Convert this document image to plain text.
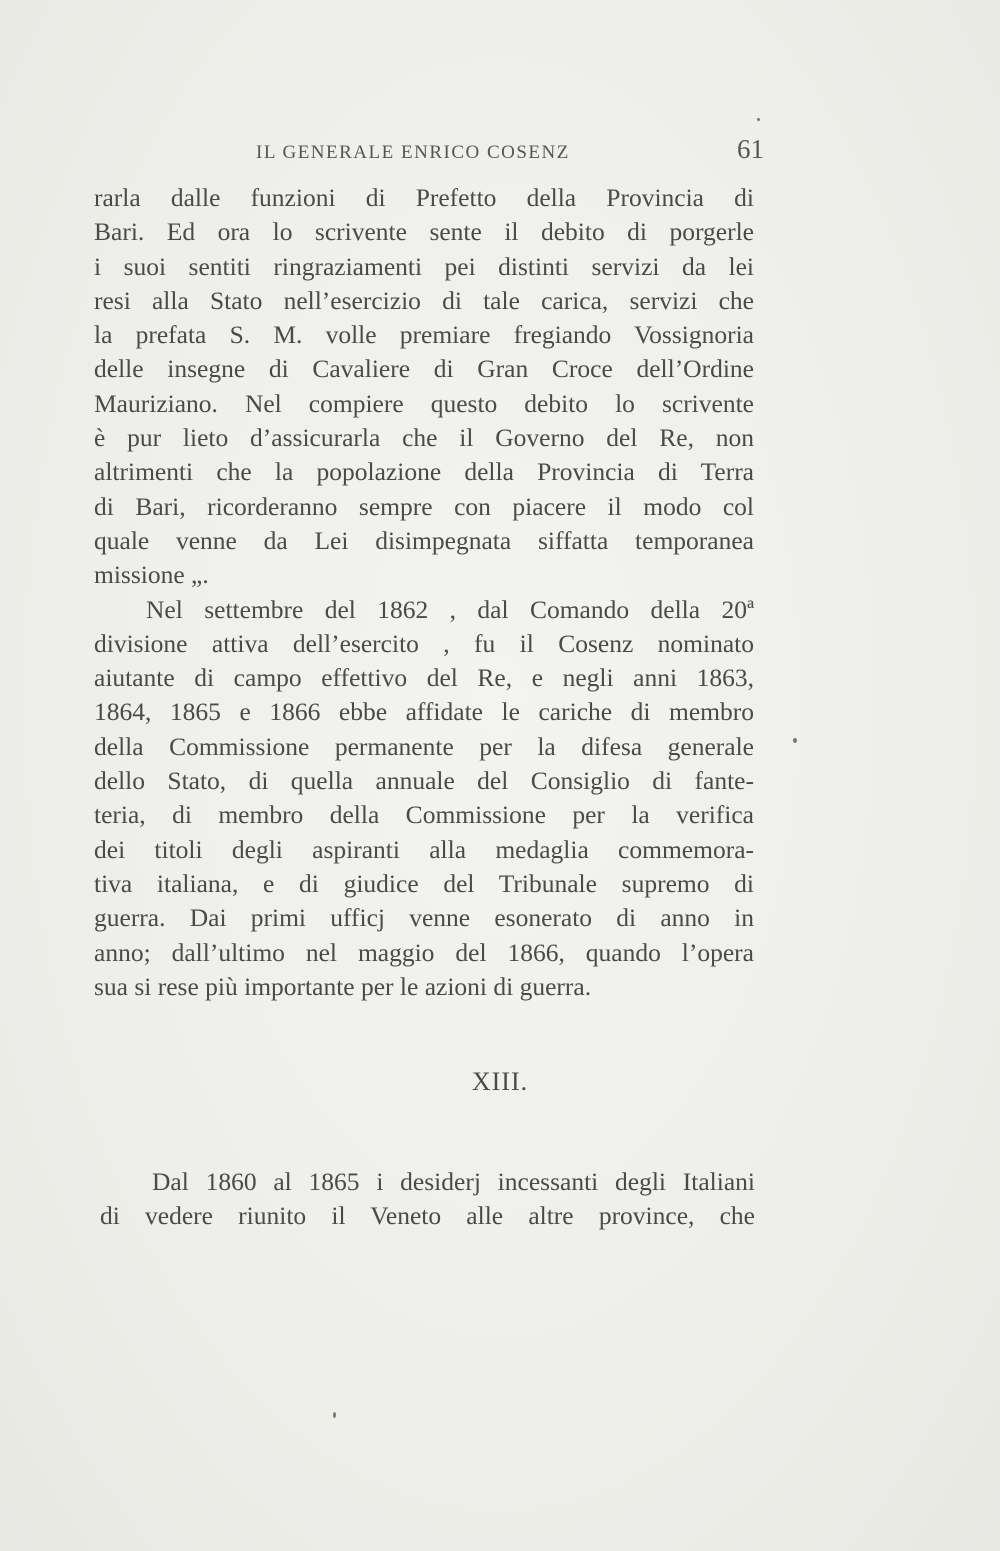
IL GENERALE ENRICO COSENZ	61
rarla dalle funzioni di Prefetto della Provincia di
Bari. Ed ora lo scrivente sente il debito di porgerle
i suoi sentiti ringraziamenti pei distinti servizi da lei
resi alla Stato nell’esercizio di tale carica, servizi che
la prefata S. M. volle premiare fregiando Vossignoria
delle insegne di Cavaliere di Gran Croce dell’Ordine
Mauriziano. Nel compiere questo debito lo scrivente
è pur lieto d’assicurarla che il Governo del Re, non
altrimenti che la popolazione della Provincia di Terra
di Bari, ricorderanno sempre con piacere il modo col
quale venne da Lei disimpegnata siffatta temporanea
missione „.
Nel settembre del 1862 , dal Comando della 20ª
divisione attiva dell’esercito , fu il Cosenz nominato
aiutante di campo effettivo del Re, e negli anni 1863,
1864, 1865 e 1866 ebbe affidate le cariche di membro
della Commissione permanente per la difesa generale
dello Stato, di quella annuale del Consiglio di fante-
teria, di membro della Commissione per la verifica
dei titoli degli aspiranti alla medaglia commemora-
tiva italiana, e di giudice del Tribunale supremo di
guerra. Dai primi ufficj venne esonerato di anno in
anno; dall’ultimo nel maggio del 1866, quando l’opera
sua si rese più importante per le azioni di guerra.
XIII.
Dal 1860 al 1865 i desiderj incessanti degli Italiani
di vedere riunito il Veneto alle altre province, che
